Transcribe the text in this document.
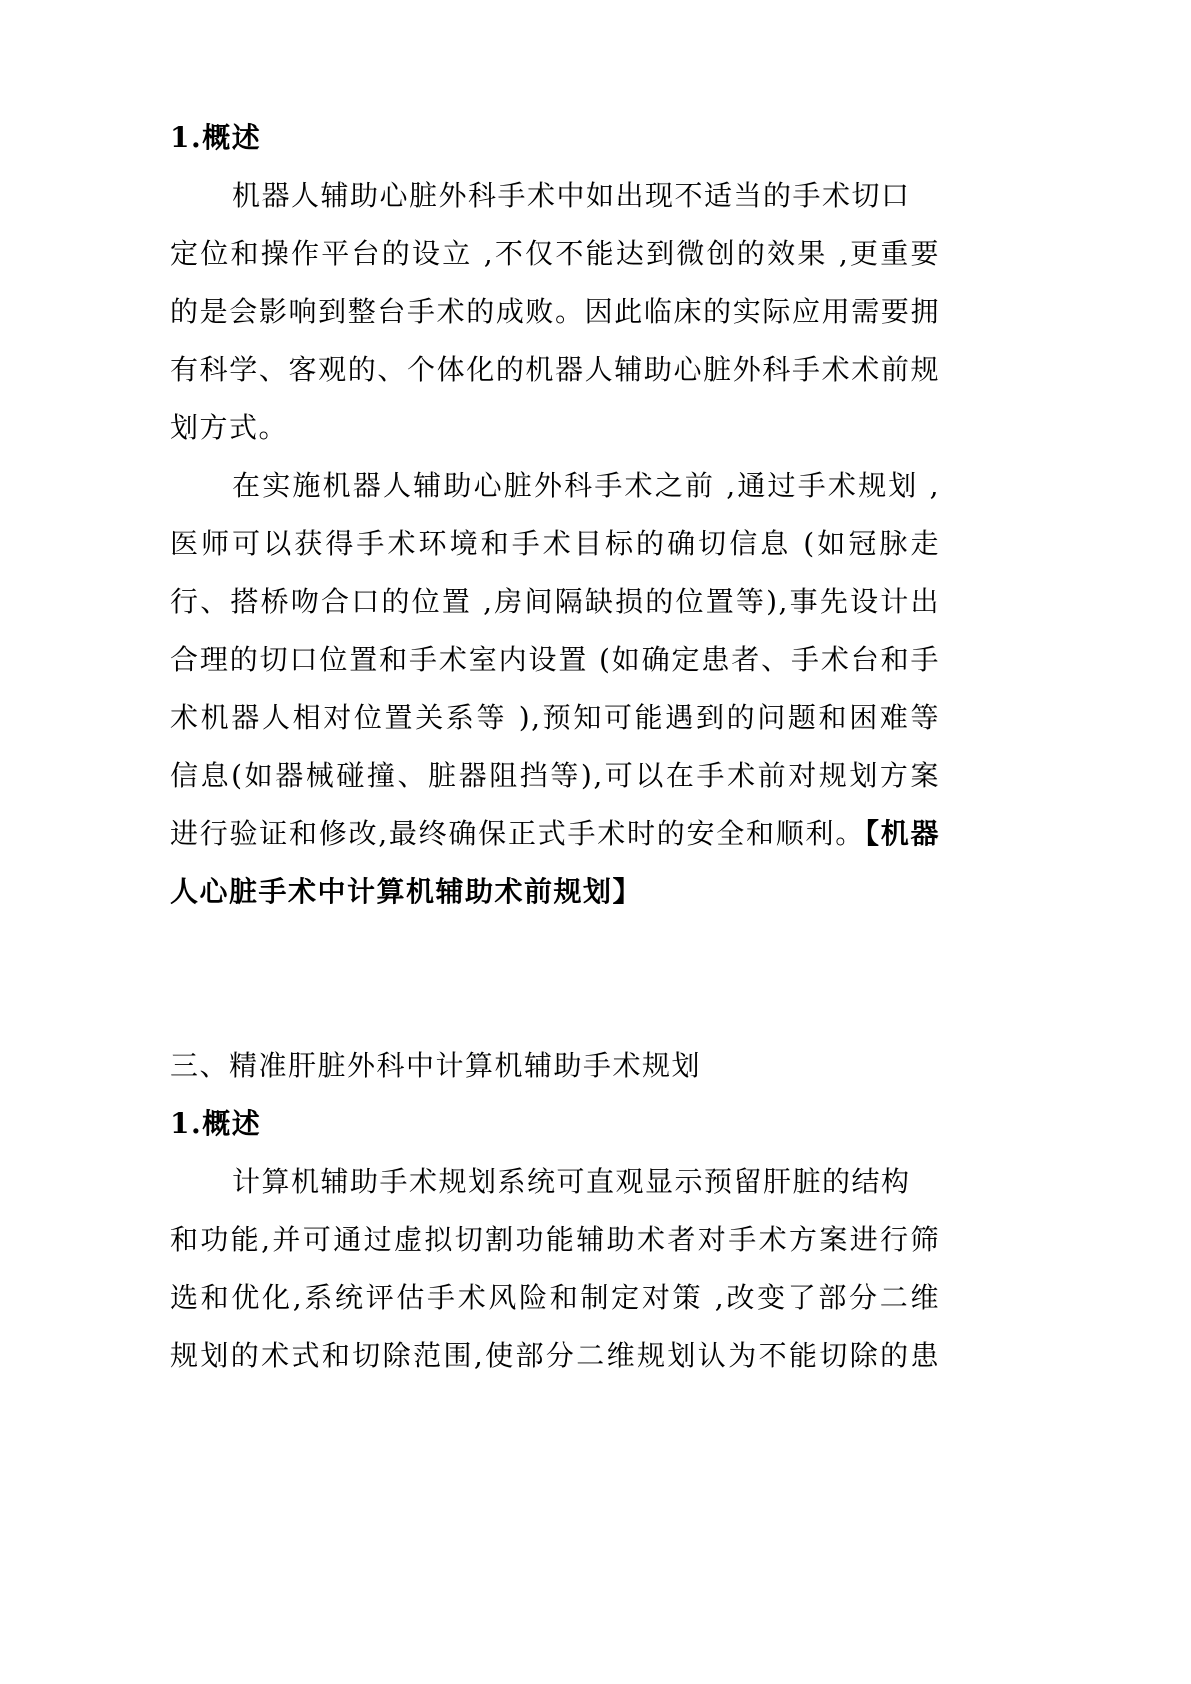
1.概述
机器人辅助心脏外科手术中如出现不适当的手术切口
定位和操作平台的设立 ,不仅不能达到微创的效果 ,更重要
的是会影响到整台手术的成败。因此临床的实际应用需要拥
有科学、客观的、个体化的机器人辅助心脏外科手术术前规
划方式。
在实施机器人辅助心脏外科手术之前 ,通过手术规划 ,
医师可以获得手术环境和手术目标的确切信息 (如冠脉走
行、搭桥吻合口的位置 ,房间隔缺损的位置等),事先设计出
合理的切口位置和手术室内设置 (如确定患者、手术台和手
术机器人相对位置关系等 ),预知可能遇到的问题和困难等
信息(如器械碰撞、脏器阻挡等),可以在手术前对规划方案
进行验证和修改,最终确保正式手术时的安全和顺利。【机器
人心脏手术中计算机辅助术前规划】
三、精准肝脏外科中计算机辅助手术规划
1.概述
计算机辅助手术规划系统可直观显示预留肝脏的结构
和功能,并可通过虚拟切割功能辅助术者对手术方案进行筛
选和优化,系统评估手术风险和制定对策 ,改变了部分二维
规划的术式和切除范围,使部分二维规划认为不能切除的患
